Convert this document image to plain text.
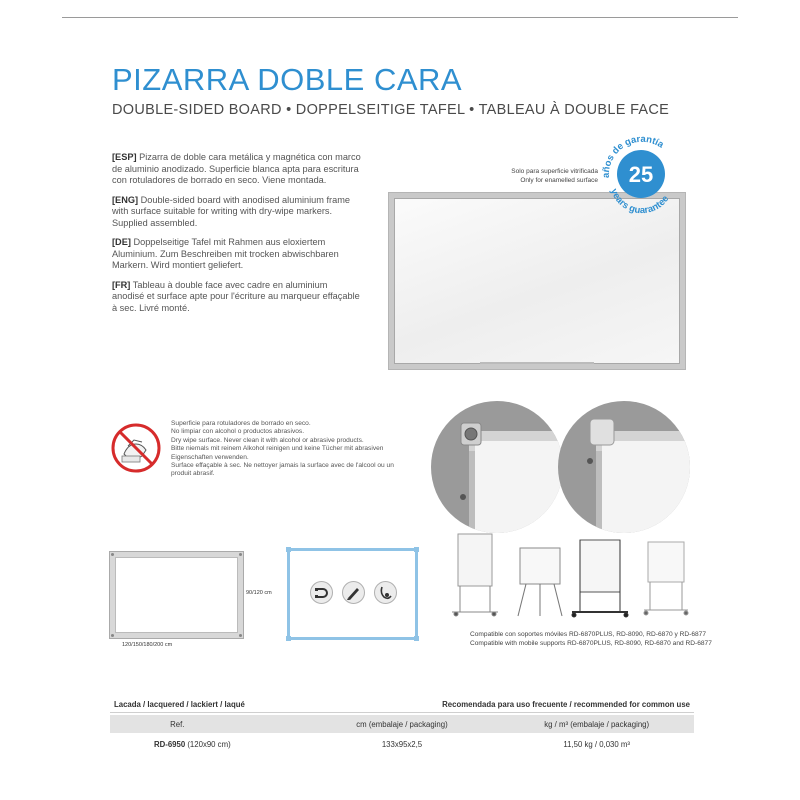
PIZARRA DOBLE CARA
DOUBLE-SIDED BOARD • DOPPELSEITIGE TAFEL • TABLEAU À DOUBLE FACE

[ESP] Pizarra de doble cara metálica y magnética con marco de aluminio anodizado. Superficie blanca apta para escritura con rotuladores de borrado en seco. Viene montada.

[ENG] Double-sided board with anodised aluminium frame with surface suitable for writing with dry-wipe markers. Supplied assembled.

[DE] Doppelseitige Tafel mit Rahmen aus eloxiertem Aluminium. Zum Beschreiben mit trocken abwischbaren Markern. Wird montiert geliefert.

[FR] Tableau à double face avec cadre en aluminium anodisé et surface apte pour l'écriture au marqueur effaçable à sec. Livré monté.

Solo para superficie vitrificada
Only for enamelled surface 25
años de garantía
years guarantee
Superficie para rotuladores de borrado en seco.
No limpiar con alcohol o productos abrasivos.
Dry wipe surface. Never clean it with alcohol or abrasive products.
Bitte niemals mit reinem Alkohol reinigen und keine Tücher mit abrasiven
Eigenschaften verwenden.
Surface effaçable à sec. Ne nettoyer jamais la surface avec de l'alcool ou un
produit abrasif.
90/120 cm
120/150/180/200 cm
Compatible con soportes móviles RD-6870PLUS, RD-8090, RD-6870 y RD-6877
Compatible with mobile supports RD-6870PLUS, RD-8090, RD-6870 and RD-6877
Lacada / lacquered / lackiert / laqué	Recomendada para uso frecuente / recommended for common use
Ref.	cm (embalaje / packaging)	kg / m³ (embalaje / packaging)
RD-6950 (120x90 cm)	133x95x2,5	11,50 kg / 0,030 m³
